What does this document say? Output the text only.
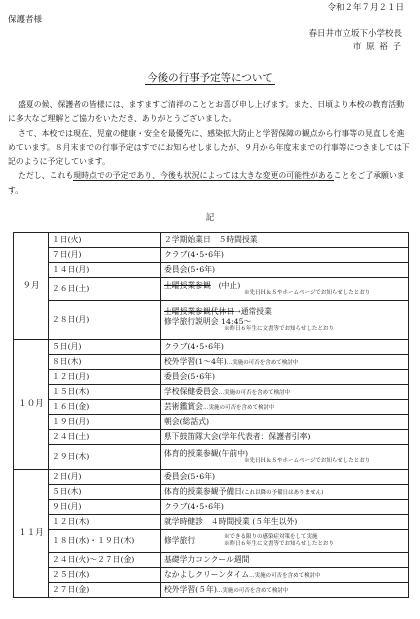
令和２年７月２１日
保護者様
春日井市立坂下小学校長
市 原 裕 子
今後の行事予定等について

盛夏の候、保護者の皆様には、ますますご清祥のこととお喜び申し上げます。また、日頃より本校の教育活動に多大なご理解とご協力をいただき、ありがとうございました。

さて、本校では現在、児童の健康・安全を最優先に、感染拡大防止と学習保障の観点から行事等の見直しを進めています。８月末までの行事予定はすでにお知らせしましたが、９月から年度末までの行事等につきましては下記のように予定しています。

ただし、これも現時点での予定であり、今後も状況によっては大きな変更の可能性があることをご了承願います。

記
９月	１日(火)	２学期始業日　５時間授業
	７日(月)	クラブ(4･5･6年)
	１４日(月)	委員会(5･6年)
	２６日(土)	土曜授業参観　 (中止)
※先日Ｈ＆Ｓやホームページでお知らせしたとおり

	２８日(月)	土曜授業参観代休日→通常授業
修学旅行説明会 14:45～
※昨日６年生に文書等でお知らせしたとおり

１０月	５日(月)	クラブ(4･5･6年)
	８日(木)	校外学習(1～4年)…実施の可否を含めて検討中
	１２日(月)	委員会(5･6年)
	１５日(木)	学校保健委員会…実施の可否を含めて検討中
	１６日(金)	芸術鑑賞会…実施の可否を含めて検討中
	１９日(月)	朝会(総話式)
	２４日(土)	県下鼓笛隊大会(学年代表者：保護者引率)
	２９日(木)	体育的授業参観(午前中)
※先日Ｈ＆Ｓやホームページでお知らせしたとおり

１１月	２日(月)	委員会(5･6年)
	５日(木)	体育的授業参観予備日(これ以降の予備日はありません)
	９日(月)	クラブ(4･5･6年)
	１２日(木)	就学時健診　４時間授業 (５年生以外)
	１８日(水)・１９日(木)	修学旅行 ※できる限りの感染症対策をして実施
※昨日６年生に文書等でお知らせしたとおり

	２４日(火)～２７日(金)	基礎学力コンクール週間
	２５日(水)	なかよしクリーンタイム…実施の可否を含めて検討中
	２７日(金)	校外学習(５年)…実施の可否を含めて検討中
